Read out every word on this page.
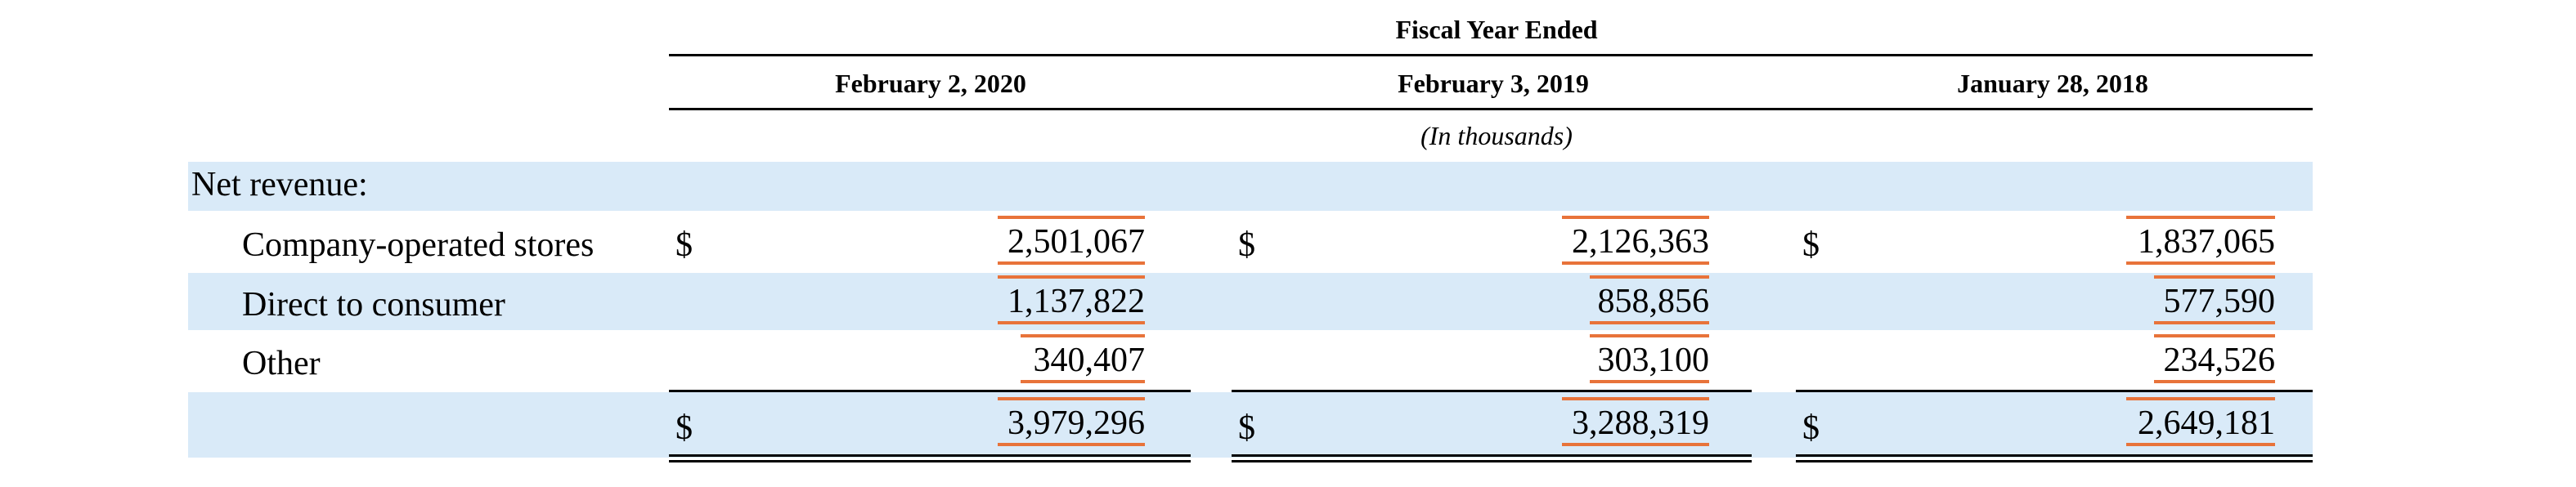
Fiscal Year Ended
February 2, 2020	February 3, 2019	January 28, 2018
(In thousands)
Net revenue:
Company-operated stores $	2,501,067	$	2,126,363	$	1,837,065
Direct to consumer	1,137,822	858,856	577,590
Other	340,407	303,100	234,526
$	3,979,296	$	3,288,319	$	2,649,181
